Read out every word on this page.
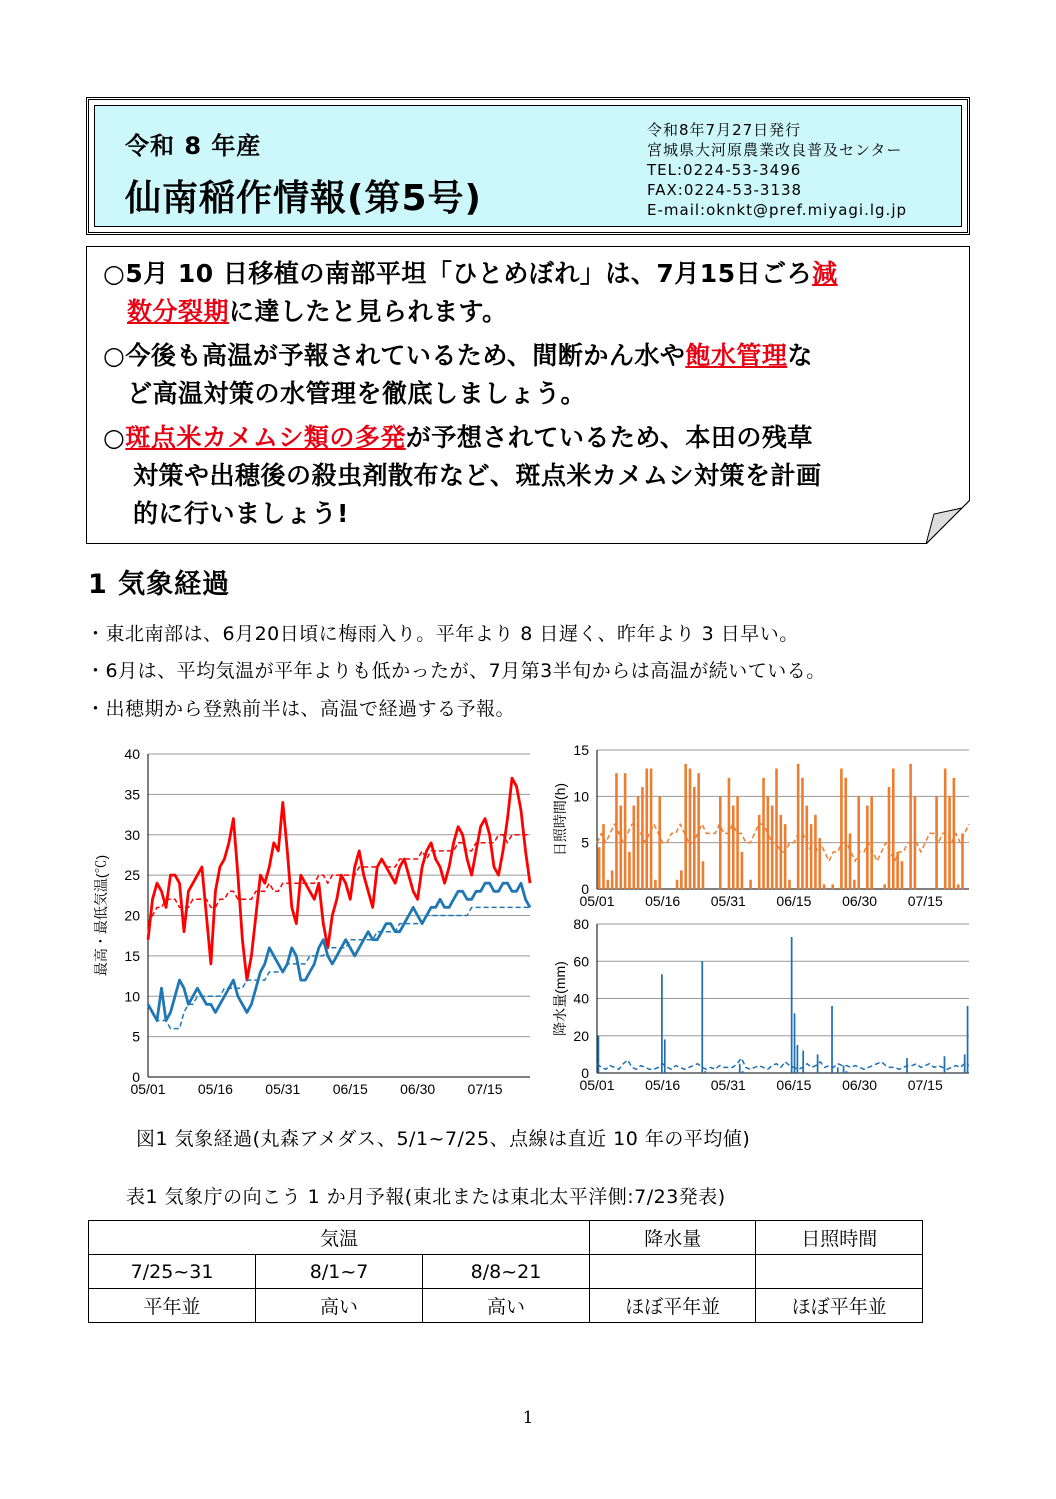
令和 8 年産
仙南稲作情報(第5号)
令和8年7月27日発行
宮城県大河原農業改良普及センター
TEL:0224-53-3496
FAX:0224-53-3138
E-mail:oknkt@pref.miyagi.lg.jp
○5月 10 日移植の南部平坦「ひとめぼれ」は、7月15日ごろ減
数分裂期に達したと見られます。
○今後も高温が予報されているため、間断かん水や飽水管理な
ど高温対策の水管理を徹底しましょう。
○斑点米カメムシ類の多発が予想されているため、本田の残草
対策や出穂後の殺虫剤散布など、斑点米カメムシ対策を計画
的に行いましょう!
1 気象経過
・東北南部は、6月20日頃に梅雨入り。平年より 8 日遅く、昨年より 3 日早い。
・6月は、平均気温が平年よりも低かったが、7月第3半旬からは高温が続いている。
・出穂期から登熟前半は、高温で経過する予報。
0
5
10
15
20
25
30
35
40
05/01 05/16 05/31 06/15 06/30 07/15
最高・最低気温(℃)	0
5
10
15
05/01 05/16 05/31 06/15 06/30 07/15
日照時間(h)
0
20
40
60
80
05/01 05/16 05/31 06/15 06/30 07/15
降水量(mm)
図1 気象経過(丸森アメダス、5/1~7/25、点線は直近 10 年の平均値)
表1 気象庁の向こう 1 か月予報(東北または東北太平洋側:7/23発表)
気温			降水量	日照時間
7/25~31	8/1~7	8/8~21		
平年並	高い	高い	ほぼ平年並	ほぼ平年並
1
